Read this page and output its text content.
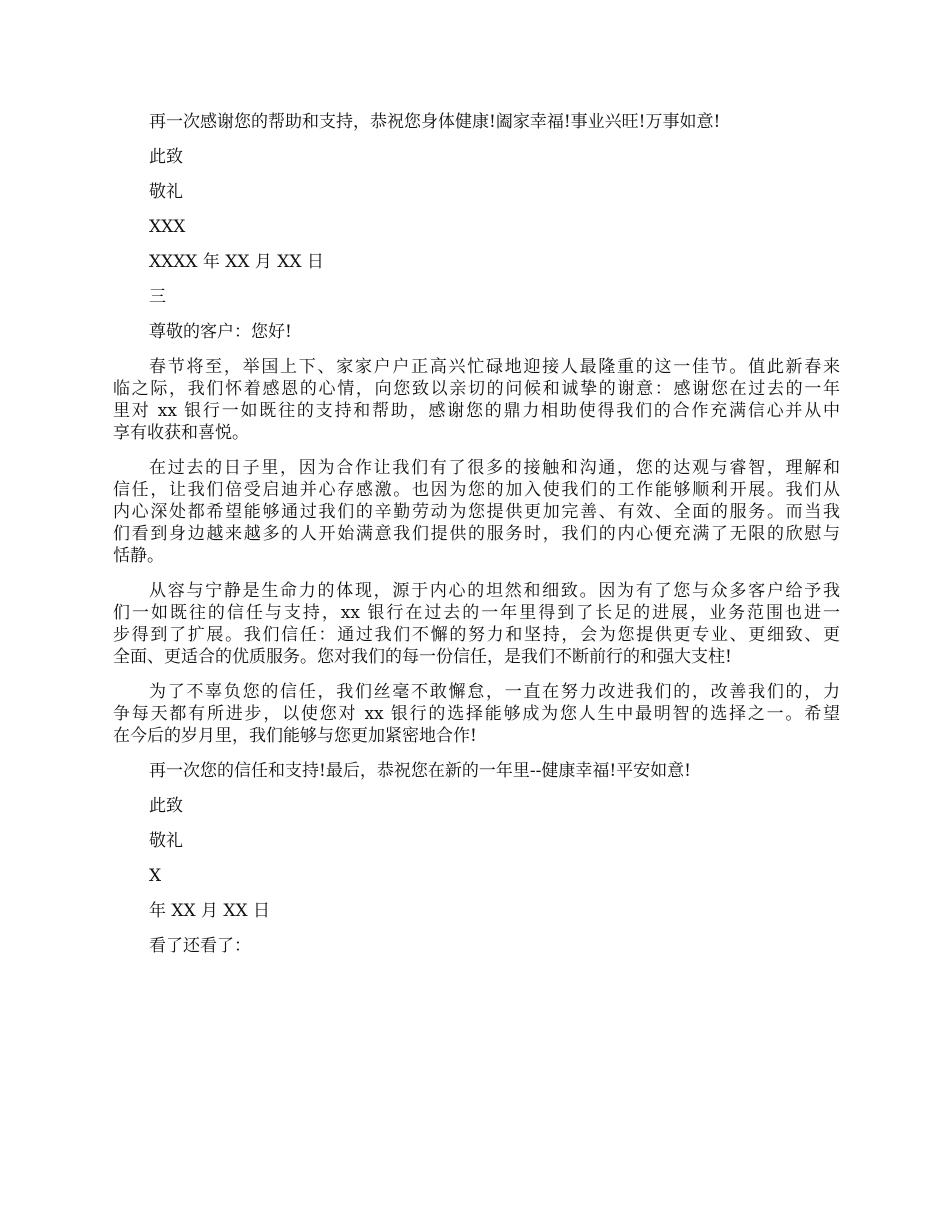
再一次感谢您的帮助和支持，恭祝您身体健康!阖家幸福!事业兴旺!万事如意!

此致

敬礼

XXX

XXXX 年 XX 月 XX 日

三

尊敬的客户：您好!

春节将至，举国上下、家家户户正高兴忙碌地迎接人最隆重的这一佳节。值此新春来
临之际，我们怀着感恩的心情，向您致以亲切的问候和诚挚的谢意：感谢您在过去的一年
里对 xx 银行一如既往的支持和帮助，感谢您的鼎力相助使得我们的合作充满信心并从中
享有收获和喜悦。

在过去的日子里，因为合作让我们有了很多的接触和沟通，您的达观与睿智，理解和
信任，让我们倍受启迪并心存感激。也因为您的加入使我们的工作能够顺利开展。我们从
内心深处都希望能够通过我们的辛勤劳动为您提供更加完善、有效、全面的服务。而当我
们看到身边越来越多的人开始满意我们提供的服务时，我们的内心便充满了无限的欣慰与
恬静。

从容与宁静是生命力的体现，源于内心的坦然和细致。因为有了您与众多客户给予我
们一如既往的信任与支持，xx 银行在过去的一年里得到了长足的进展，业务范围也进一
步得到了扩展。我们信任：通过我们不懈的努力和坚持，会为您提供更专业、更细致、更
全面、更适合的优质服务。您对我们的每一份信任，是我们不断前行的和强大支柱!

为了不辜负您的信任，我们丝毫不敢懈怠，一直在努力改进我们的，改善我们的，力
争每天都有所进步，以使您对 xx 银行的选择能够成为您人生中最明智的选择之一。希望
在今后的岁月里，我们能够与您更加紧密地合作!

再一次您的信任和支持!最后，恭祝您在新的一年里--健康幸福!平安如意!

此致

敬礼

X

年 XX 月 XX 日

看了还看了：
